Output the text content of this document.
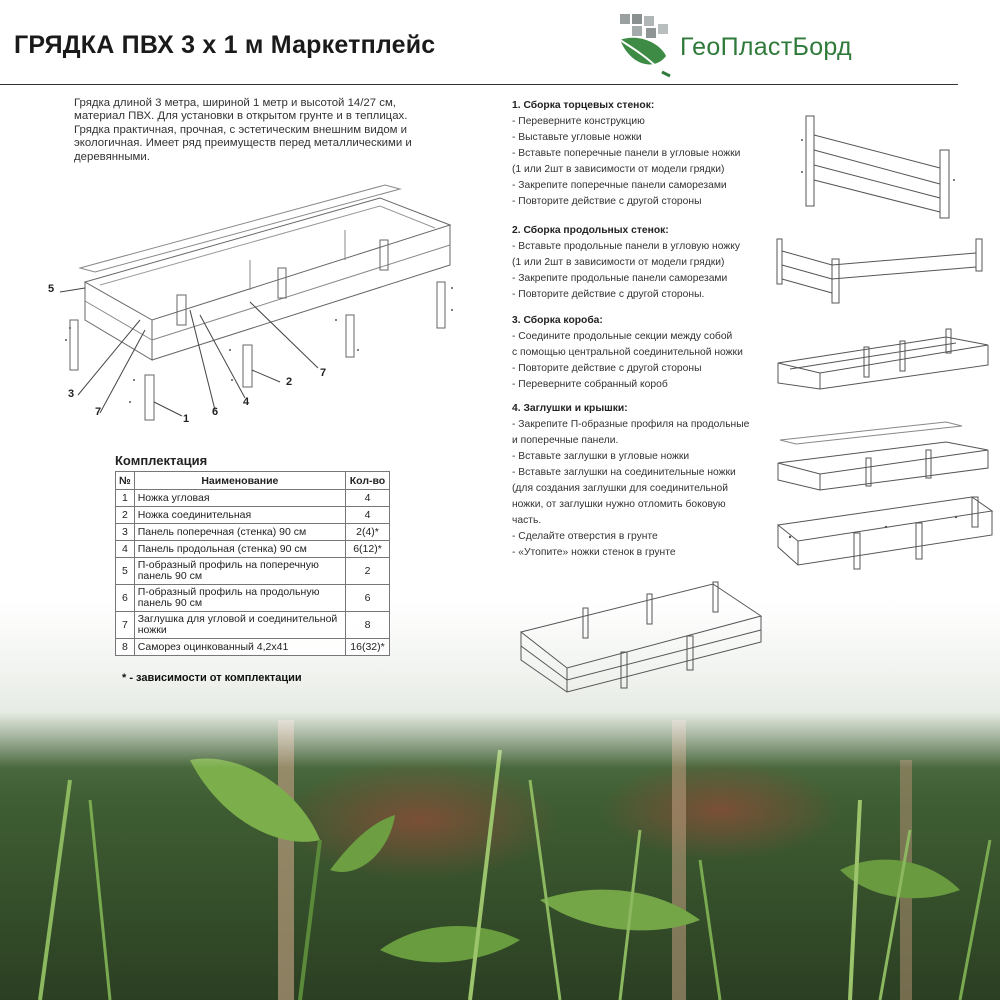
ГРЯДКА ПВХ 3 х 1 м Маркетплейс	ГеоПластБорд
Грядка длиной 3 метра, шириной 1 метр и высотой 14/27 см, материал ПВХ. Для установки в открытом грунте и в теплицах. Грядка практичная, прочная, с эстетическим внешним видом и экологичная. Имеет ряд преимуществ перед металлическими и деревянными.
5
3
7
1
6
4
2
7
Комплектация
№	Наименование	Кол-во
1	Ножка угловая	4
2	Ножка соединительная	4
3	Панель поперечная (стенка) 90 см	2(4)*
4	Панель продольная (стенка) 90 см	6(12)*
5	П-образный профиль на поперечную панель 90 см	2
6	П-образный профиль на продольную панель 90 см	6
7	Заглушка для угловой и соединительной ножки	8
8	Саморез оцинкованный 4,2х41	16(32)*
* - зависимости от комплектации
1. Сборка торцевых стенок:
- Переверните конструкцию
- Выставьте угловые ножки
- Вставьте поперечные панели в угловые ножки
(1 или 2шт в зависимости от модели грядки)
- Закрепите поперечные панели саморезами
- Повторите действие с другой стороны
2. Сборка продольных стенок:
- Вставьте продольные панели в угловую ножку
(1 или 2шт в зависимости от модели грядки)
- Закрепите продольные панели саморезами
- Повторите действие с другой стороны.
3. Сборка короба:
- Соедините продольные секции между собой
с помощью центральной соединительной ножки
- Повторите действие с другой стороны
- Переверните собранный короб
4. Заглушки и крышки:
- Закрепите П-образные профиля на продольные
и поперечные панели.
- Вставьте заглушки в угловые ножки
- Вставьте заглушки на соединительные ножки
(для создания заглушки для соединительной
ножки, от заглушки нужно отломить боковую
часть.
- Сделайте отверстия в грунте
- «Утопите» ножки стенок в грунте
